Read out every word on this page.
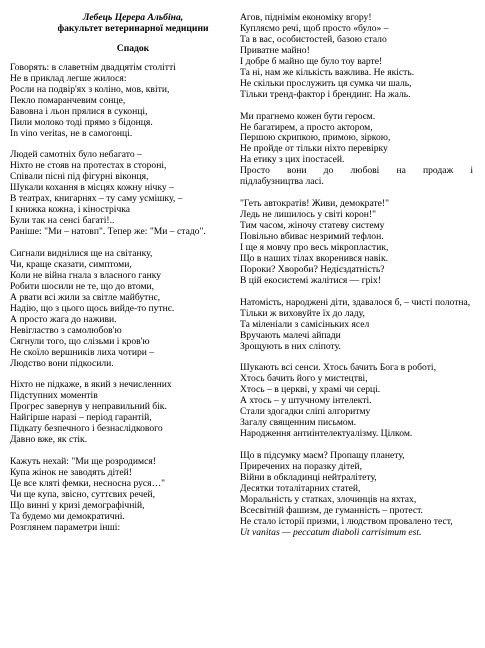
Лебець Церера Альбіна,
факультет ветеринарної медицини
Спадок
Говорять: в славетнім двадцятім столітті
Не в приклад легше жилося:
Росли на подвір'ях з коліно, мов, квіти,
Пекло помаранчевим сонце,
Бавовна і льон прялися в суконці,
Пили молоко тоді прямо з бідонця.
In vino veritas, не в самогонці.
Людей самотніх було небагато –
Ніхто не стояв на протестах в стороні,
Співали пісні під фігурні віконця,
Шукали кохання в місцях кожну нічку –
В театрах, книгарнях – ту саму усмішку, –
І книжка кожна, і кінострічка
Були так на сенсі багаті!..
Раніше: "Ми – натовп". Тепер же: "Ми – стадо".
Сигнали виднілися ще на світанку,
Чи, краще сказати, симптоми,
Коли не війна гнала з власного ганку
Робити шосили не те, що до втоми,
А рвати всі жили за світле майбутнє,
Надію, що з цього щось вийде-то путнє.
А просто жага до наживи.
Невігластво з самолюбов'ю
Сягнули того, що слізьми і кров'ю
Не скоїло вершників лиха чотири –
Людство вони підкосили.
Ніхто не підкаже, в який з нечисленних
Підступних моментів
Прогрес завернув у неправильний бік.
Найгірше наразі – період гарантій,
Підкату безпечного і безнаслідкового
Давно вже, як стік.
Кажуть нехай: "Ми ще розродимся!
Купа жінок не заводять дітей!
Це все кляті фемки, несносна руся…"
Чи ще купа, звісно, суттєвих речей,
Що винні у кризі демографічній,
Та будемо ми демократичні.
Розглянем параметри інші:
Агов, піднімім економіку вгору!
Купляємо речі, щоб просто «було» –
Та в вас, особистостей, базою стало
Приватне майно!
І добре б майно ще було тоу варте!
Та ні, нам же кількість важлива. Не якість.
Не скільки прослужить ця сумка чи шаль,
Тільки тренд-фактор і брендинг. На жаль.
Ми прагнемо кожен бути героєм.
Не багатирем, а просто актором,
Першою скрипкою, примою, зіркою,
Не пройде от тільки ніхто перевірку
На етику з цих іпостасей.
Просто вони до любові на продаж і
підлабузництва ласі.
"Геть автократів! Живи, демократе!"
Ледь не лишилось у світі корон!"
Тим часом, жіночу статеву систему
Повільно вбиває незримий тефлон.
І ще я мовчу про весь мікропластик,
Що в наших тілах вкоренився навік.
Пороки? Хвороби? Недієздатність?
В цій екосистемі жалітися — гріх!
Натомість, народжені діти, здавалося б, – чисті полотна,
Тільки ж виховуйте їх до ладу,
Та міленіали з самісіньких ясел
Вручають малечі айпади
Зрощують в них сліпоту.
Шукають всі сенси. Хтось бачить Бога в роботі,
Хтось бачить його у мистецтві,
Хтось – в церкві, у храмі чи серці.
А хтось – у штучному інтелекті.
Стали здогадки сліпі алгоритму
Загалу священним письмом.
Народження антиінтелектуалізму. Цілком.
Що в підсумку маєм? Пропащу планету,
Приречених на поразку дітей,
Війни в обкладинці нейтралітету,
Десятки тоталітарних статей,
Моральність у статках, злочинців на яхтах,
Всесвітній фашизм, де гуманність – протест.
Не стало історії призми, і людством провалено тест,
Ut vanitas — peccatum diaboli carrisimum est.
